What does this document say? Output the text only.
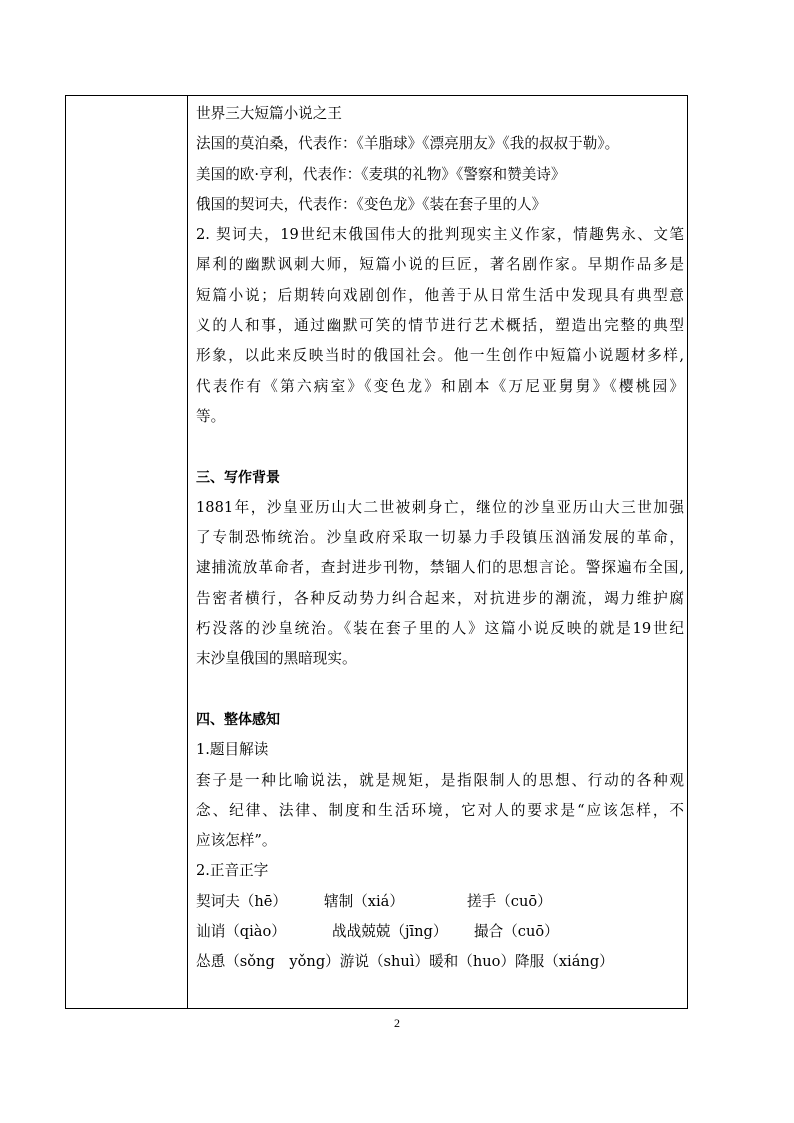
世界三大短篇小说之王
法国的莫泊桑，代表作：《羊脂球》《漂亮朋友》《我的叔叔于勒》。
美国的欧·亨利，代表作：《麦琪的礼物》《警察和赞美诗》
俄国的契诃夫，代表作：《变色龙》《装在套子里的人》
2. 契诃夫，19世纪末俄国伟大的批判现实主义作家，情趣隽永、文笔
犀利的幽默讽刺大师，短篇小说的巨匠，著名剧作家。早期作品多是
短篇小说；后期转向戏剧创作，他善于从日常生活中发现具有典型意
义的人和事，通过幽默可笑的情节进行艺术概括，塑造出完整的典型
形象，以此来反映当时的俄国社会。他一生创作中短篇小说题材多样,
代表作有《第六病室》《变色龙》和剧本《万尼亚舅舅》《樱桃园》
等。
三、写作背景
1881年，沙皇亚历山大二世被刺身亡，继位的沙皇亚历山大三世加强
了专制恐怖统治。沙皇政府采取一切暴力手段镇压汹涌发展的革命，
逮捕流放革命者，查封进步刊物，禁锢人们的思想言论。警探遍布全国,
告密者横行，各种反动势力纠合起来，对抗进步的潮流，竭力维护腐
朽没落的沙皇统治。《装在套子里的人》这篇小说反映的就是19世纪
末沙皇俄国的黑暗现实。
四、整体感知
1.题目解读
套子是一种比喻说法，就是规矩，是指限制人的思想、行动的各种观
念、纪律、法律、制度和生活环境，它对人的要求是“应该怎样，不
应该怎样”。
2.正音正字
契诃夫（hē）	辖制（xiá）	搓手（cuō）
讪诮（qiào）	战战兢兢（jīng） 撮合（cuō）
怂恿（sǒng　yǒng）游说（shuì）暖和（huo）降服（xiáng）
2
